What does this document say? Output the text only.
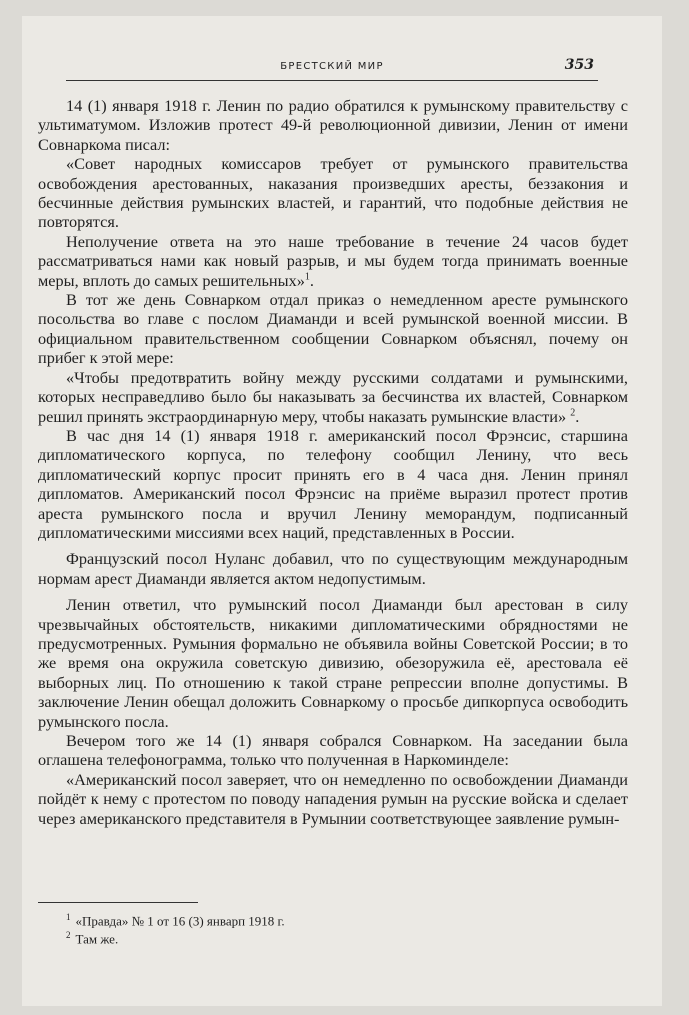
БРЕСТСКИЙ МИР	353

14 (1) января 1918 г. Ленин по радио обратился к румынскому правительству с ультиматумом. Изложив протест 49-й революционной дивизии, Ленин от имени Совнаркома писал:

«Совет народных комиссаров требует от румынского правительства освобождения арестованных, наказания произведших аресты, беззакония и бесчинные действия румынских властей, и гарантий, что подобные действия не повторятся.

Неполучение ответа на это наше требование в течение 24 часов будет рассматриваться нами как новый разрыв, и мы будем тогда принимать военные меры, вплоть до самых решительных»$^1$.

В тот же день Совнарком отдал приказ о немедленном аресте румынского посольства во главе с послом Диаманди и всей румынской военной миссии. В официальном правительственном сообщении Совнарком объяснял, почему он прибег к этой мере:

«Чтобы предотвратить войну между русскими солдатами и румынскими, которых несправедливо было бы наказывать за бесчинства их властей, Совнарком решил принять экстраординарную меру, чтобы наказать румынские власти» $^2$.

В час дня 14 (1) января 1918 г. американский посол Фрэнсис, старшина дипломатического корпуса, по телефону сообщил Ленину, что весь дипломатический корпус просит принять его в 4 часа дня. Ленин принял дипломатов. Американский посол Фрэнсис на приёме выразил протест против ареста румынского посла и вручил Ленину меморандум, подписанный дипломатическими миссиями всех наций, представленных в России.

Французский посол Нуланс добавил, что по существующим международным нормам арест Диаманди является актом недопустимым.

Ленин ответил, что румынский посол Диаманди был арестован в силу чрезвычайных обстоятельств, никакими дипломатическими обрядностями не предусмотренных. Румыния формально не объявила войны Советской России; в то же время она окружила советскую дивизию, обезоружила её, арестовала её выборных лиц. По отношению к такой стране репрессии вполне допустимы. В заключение Ленин обещал доложить Совнаркому о просьбе дипкорпуса освободить румынского посла.

Вечером того же 14 (1) января собрался Совнарком. На заседании была оглашена телефонограмма, только что полученная в Наркоминделе:

«Американский посол заверяет, что он немедленно по освобождении Диаманди пойдёт к нему с протестом по поводу нападения румын на русские войска и сделает через американского представителя в Румынии соответствующее заявление румын-

$^1$ «Правда» № 1 от 16 (3) январп 1918 г.
$^2$ Там же.
